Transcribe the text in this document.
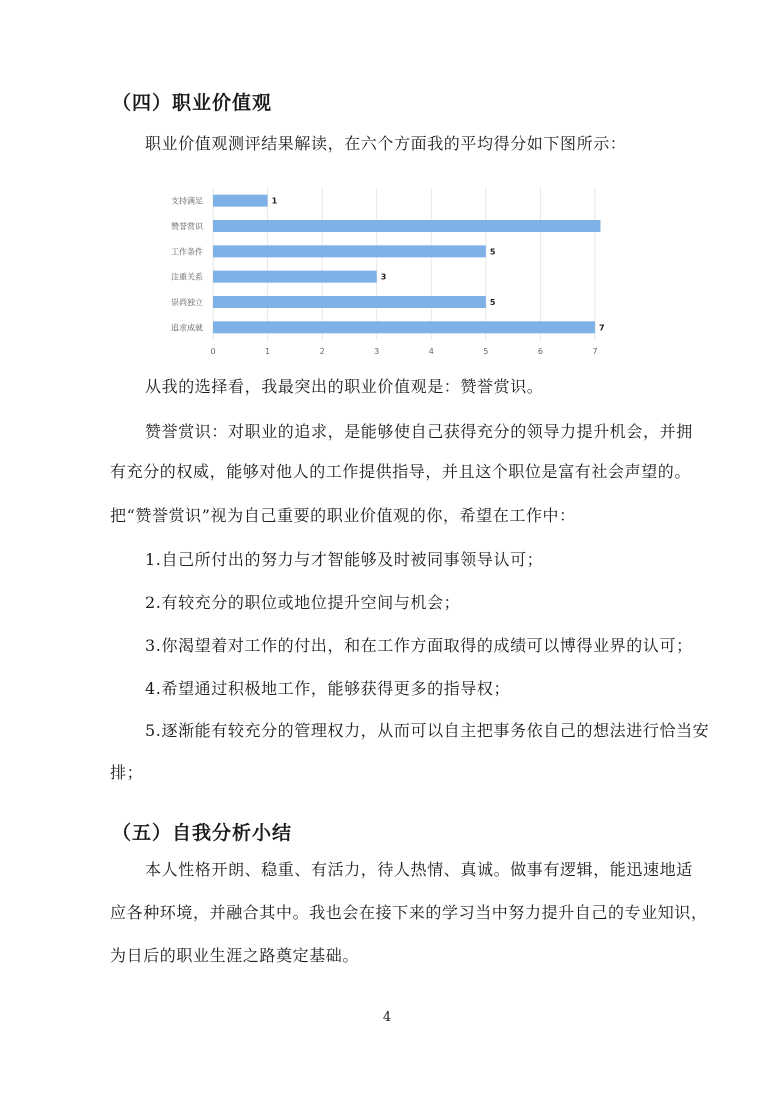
（四）职业价值观
职业价值观测评结果解读，在六个方面我的平均得分如下图所示：
0	1	2	3	4	5	6	7
支持满足	1
赞誉赏识
工作条件	5
注重关系	3
崇尚独立	5
追求成就	7
从我的选择看，我最突出的职业价值观是：赞誉赏识。
赞誉赏识：对职业的追求，是能够使自己获得充分的领导力提升机会，并拥
有充分的权威，能够对他人的工作提供指导，并且这个职位是富有社会声望的。
把“赞誉赏识”视为自己重要的职业价值观的你，希望在工作中：
1.自己所付出的努力与才智能够及时被同事领导认可；
2.有较充分的职位或地位提升空间与机会；
3.你渴望着对工作的付出，和在工作方面取得的成绩可以博得业界的认可；
4.希望通过积极地工作，能够获得更多的指导权；
5.逐渐能有较充分的管理权力，从而可以自主把事务依自己的想法进行恰当安
排；
（五）自我分析小结
本人性格开朗、稳重、有活力，待人热情、真诚。做事有逻辑，能迅速地适
应各种环境，并融合其中。我也会在接下来的学习当中努力提升自己的专业知识，
为日后的职业生涯之路奠定基础。
4
